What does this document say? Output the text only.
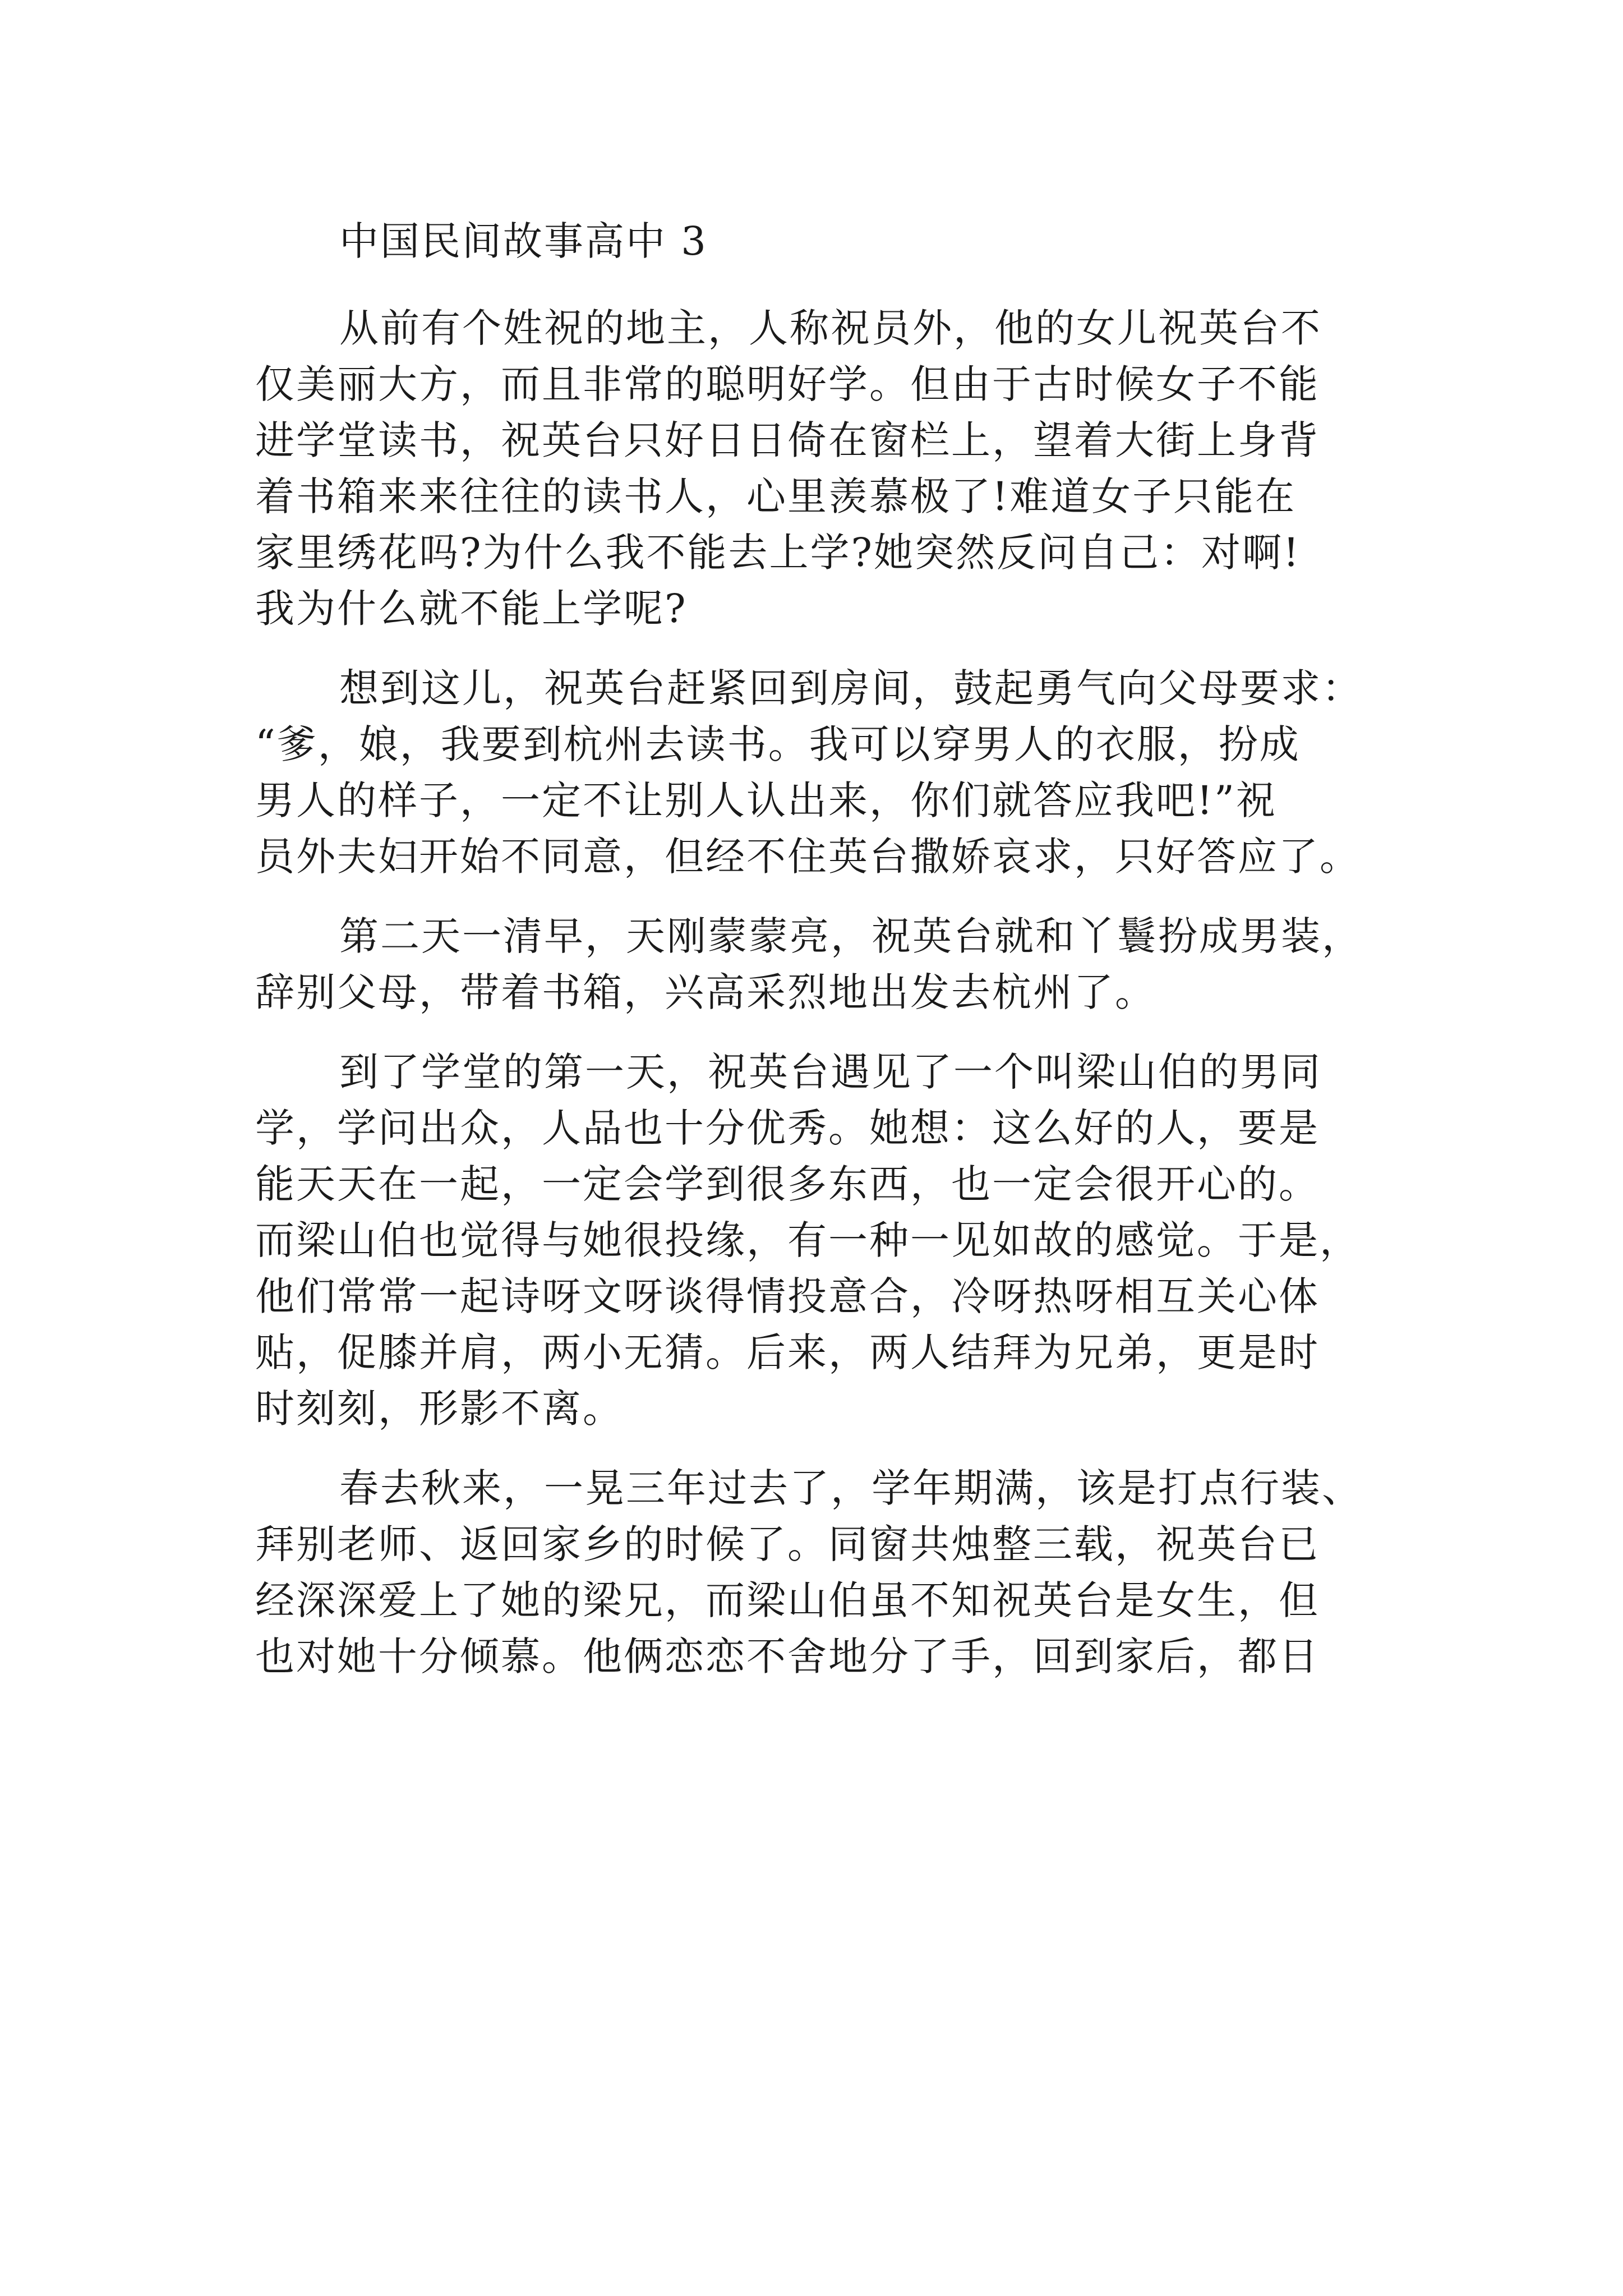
中国民间故事高中 3
从前有个姓祝的地主，人称祝员外，他的女儿祝英台不
仅美丽大方，而且非常的聪明好学。但由于古时候女子不能
进学堂读书，祝英台只好日日倚在窗栏上，望着大街上身背
着书箱来来往往的读书人，心里羡慕极了!难道女子只能在
家里绣花吗?为什么我不能去上学?她突然反问自己：对啊!
我为什么就不能上学呢?
想到这儿，祝英台赶紧回到房间，鼓起勇气向父母要求：
“爹，娘，我要到杭州去读书。我可以穿男人的衣服，扮成
男人的样子，一定不让别人认出来，你们就答应我吧!”祝
员外夫妇开始不同意，但经不住英台撒娇哀求，只好答应了。
第二天一清早，天刚蒙蒙亮，祝英台就和丫鬟扮成男装，
辞别父母，带着书箱，兴高采烈地出发去杭州了。
到了学堂的第一天，祝英台遇见了一个叫梁山伯的男同
学，学问出众，人品也十分优秀。她想：这么好的人，要是
能天天在一起，一定会学到很多东西，也一定会很开心的。
而梁山伯也觉得与她很投缘，有一种一见如故的感觉。于是，
他们常常一起诗呀文呀谈得情投意合，冷呀热呀相互关心体
贴，促膝并肩，两小无猜。后来，两人结拜为兄弟，更是时
时刻刻，形影不离。
春去秋来，一晃三年过去了，学年期满，该是打点行装、
拜别老师、返回家乡的时候了。同窗共烛整三载，祝英台已
经深深爱上了她的梁兄，而梁山伯虽不知祝英台是女生，但
也对她十分倾慕。他俩恋恋不舍地分了手，回到家后，都日
